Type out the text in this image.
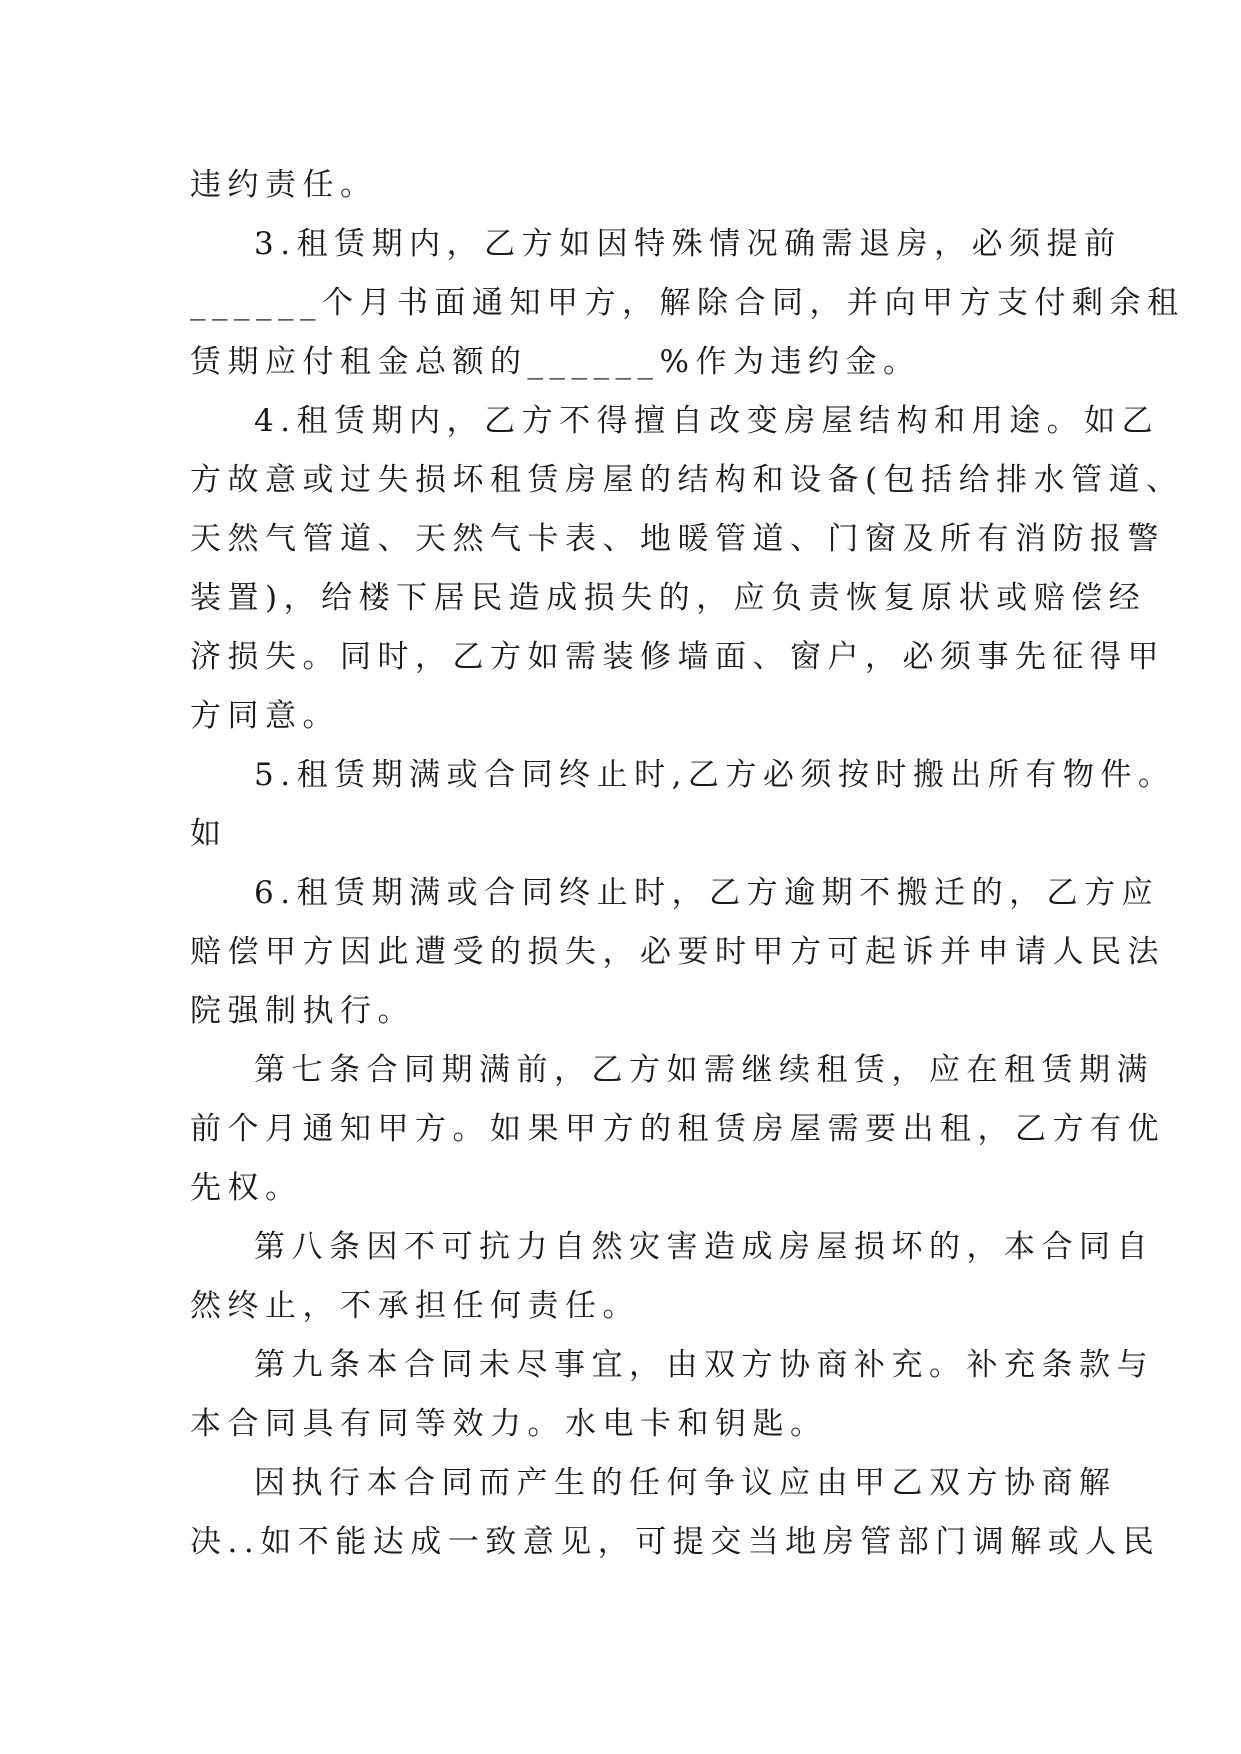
违约责任。
3.租赁期内，乙方如因特殊情况确需退房，必须提前
______个月书面通知甲方，解除合同，并向甲方支付剩余租
赁期应付租金总额的______%作为违约金。
4.租赁期内，乙方不得擅自改变房屋结构和用途。如乙
方故意或过失损坏租赁房屋的结构和设备(包括给排水管道、
天然气管道、天然气卡表、地暖管道、门窗及所有消防报警
装置)，给楼下居民造成损失的，应负责恢复原状或赔偿经
济损失。同时，乙方如需装修墙面、窗户，必须事先征得甲
方同意。
5.租赁期满或合同终止时,乙方必须按时搬出所有物件。
如
6.租赁期满或合同终止时，乙方逾期不搬迁的，乙方应
赔偿甲方因此遭受的损失，必要时甲方可起诉并申请人民法
院强制执行。
第七条合同期满前，乙方如需继续租赁，应在租赁期满
前个月通知甲方。如果甲方的租赁房屋需要出租，乙方有优
先权。
第八条因不可抗力自然灾害造成房屋损坏的，本合同自
然终止，不承担任何责任。
第九条本合同未尽事宜，由双方协商补充。补充条款与
本合同具有同等效力。水电卡和钥匙。
因执行本合同而产生的任何争议应由甲乙双方协商解
决..如不能达成一致意见，可提交当地房管部门调解或人民
